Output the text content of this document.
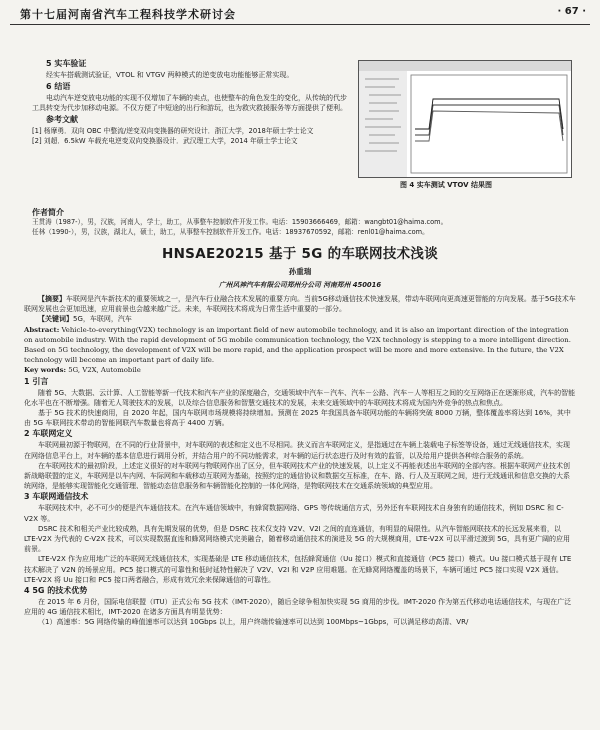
第十七届河南省汽车工程科技学术研讨会	· 67 ·

5 实车验证

经实车搭载测试验证，VTOL 和 VTGV 两种模式的逆变放电功能能够正常实现。

6 结语

电动汽车逆变放电功能的实现不仅增加了车辆的卖点，也使整车的角色发生的变化，从传统的代步工具转变为代步加移动电源。不仅方便了中短途的出行和游玩，也为救灾救援服务等方面提供了便利。

参考文献

[1] 杨摩勇．双向 OBC 中整流/逆变双向变换器的研究设计．浙江大学，2018年硕士学士论文

[2] 刘超．6.5kW 车载充电逆变双向变换器设计．武汉理工大学，2014 年硕士学士论文

图 4 实车测试 VTOV 结果图

作者简介

王贯涛（1987-），男，汉族，河南人，学士，助工，从事整车控制软件开发工作。电话：15903666469，邮箱：wangbt01@haima.com。

任林（1990-），男，汉族，湖北人，硕士，助工，从事整车控制软件开发工作。电话：18937670592，邮箱：renl01@haima.com。

HNSAE20215 基于 5G 的车联网技术浅谈
孙重瑞
广州风神汽车有限公司郑州分公司 河南郑州 450016

【摘要】车联网是汽车新技术的重要领域之一，是汽车行业融合技术发展的重要方向。当前5G移动通信技术快速发展，带动车联网向更高速更智能的方向发展。基于5G技术车联网发展也会更加迅速，应用前景也会越来越广泛。未来，车联网技术将成为日常生活中重要的一部分。

【关键词】5G，车联网，汽车

Abstract: Vehicle-to-everything(V2X) technology is an important field of new automobile technology, and it is also an important direction of the integration on automobile industry. With the rapid development of 5G mobile communication technology, the V2X technology is stepping to a more intelligent direction. Based on 5G technology, the development of V2X will be more rapid, and the application prospect will be more and more extensive. In the future, the V2X technology will become an important part of daily life.

Key words: 5G, V2X, Automobile

1 引言

随着 5G、大数据、云计算、人工智能等新一代技术和汽车产业的深度融合，交通领域中汽车－汽车、汽车－公路、汽车－人等相互之间的交互网络正在逐渐形成，汽车的智能化水平也在不断增强。随着无人驾驶技术的发展，以及综合信息服务和智慧交通技术的发展，未来交通领域中的车联网技术将成为国内外竞争的热点和焦点。

基于 5G 技术的快速商用，自 2020 年起，国内车联网市场规模将持续增加。预测在 2025 年我国具备车联网功能的车辆将突破 8000 万辆，整体覆盖率将达到 16%，其中由 5G 车联网技术带动的智能网联汽车数量也将高于 4400 万辆。

2 车联网定义

车联网最初源于物联网，在不同的行业背景中，对车联网的表述和定义也不尽相同。狭义而言车联网定义，是指通过在车辆上装载电子标签等设备，通过无线通信技术，实现在网络信息平台上，对车辆的基本信息进行调用分析，并结合用户的不同功能需求，对车辆的运行状态进行及时有效的监管，以及给用户提供各种综合服务的系统。

在车联网技术的最初阶段，上述定义很好的对车联网与物联网作出了区分，但车联网技术产业的快速发展，以上定义不再能表述出车联网的全部内容。根据车联网产业技术创新战略联盟的定义，车联网是以车内网、车际网和车载移动互联网为基础，按照约定的通信协议和数据交互标准，在车、路、行人及互联网之间，进行无线通讯和信息交换的大系统网络，是能够实现智能化交通管理、智能动态信息服务和车辆智能化控制的一体化网络，是物联网技术在交通系统领域的典型应用。

3 车联网通信技术

车联网技术中，必不可少的便是汽车通信技术。在汽车通信领域中，有蜂窝数据网络、GPS 等传统通信方式，另外还有车联网技术自身独有的通信技术，例如 DSRC 和 C-V2X 等。

DSRC 技术和相关产业比较成熟，具有先期发展的优势，但是 DSRC 技术仅支持 V2V、V2I 之间的直连通信，有明显的局限性。从汽车智能网联技术的长远发展来看，以 LTE-V2X 为代表的 C-V2X 技术，可以实现数据直连和蜂窝网络模式完美融合，随着移动通信技术的演进及 5G 的大规模商用，LTE-V2X 可以平滑过渡到 5G，具有更广阔的应用前景。

LTE-V2X 作为应用地广泛的车联网无线通信技术，实现基础是 LTE 移动通信技术，包括蜂窝通信（Uu 接口）模式和直接通信（PC5 接口）模式。Uu 接口模式基于现有 LTE 技术解决了 V2N 的场景应用。PC5 接口模式的可靠性和低时延特性解决了 V2V、V2I 和 V2P 应用难题。在无蜂窝网络覆盖的场景下，车辆可通过 PC5 接口实现 V2X 通信。LTE-V2X 将 Uu 接口和 PC5 接口两者融合，形成有效冗余来保障通信的可靠性。

4 5G 的技术优势

在 2015 年 6 月份，国际电信联盟（ITU）正式公布 5G 技术（IMT-2020），随后全球争相加快实现 5G 商用的步伐。IMT-2020 作为第五代移动电话通信技术，与现在广泛应用的 4G 通信技术相比，IMT-2020 在诸多方面具有明显优势：

（1）高速率：5G 网络传输的峰值速率可以达到 10Gbps 以上，用户终端传输速率可以达到 100Mbps~1Gbps，可以满足移动高清、VR/
